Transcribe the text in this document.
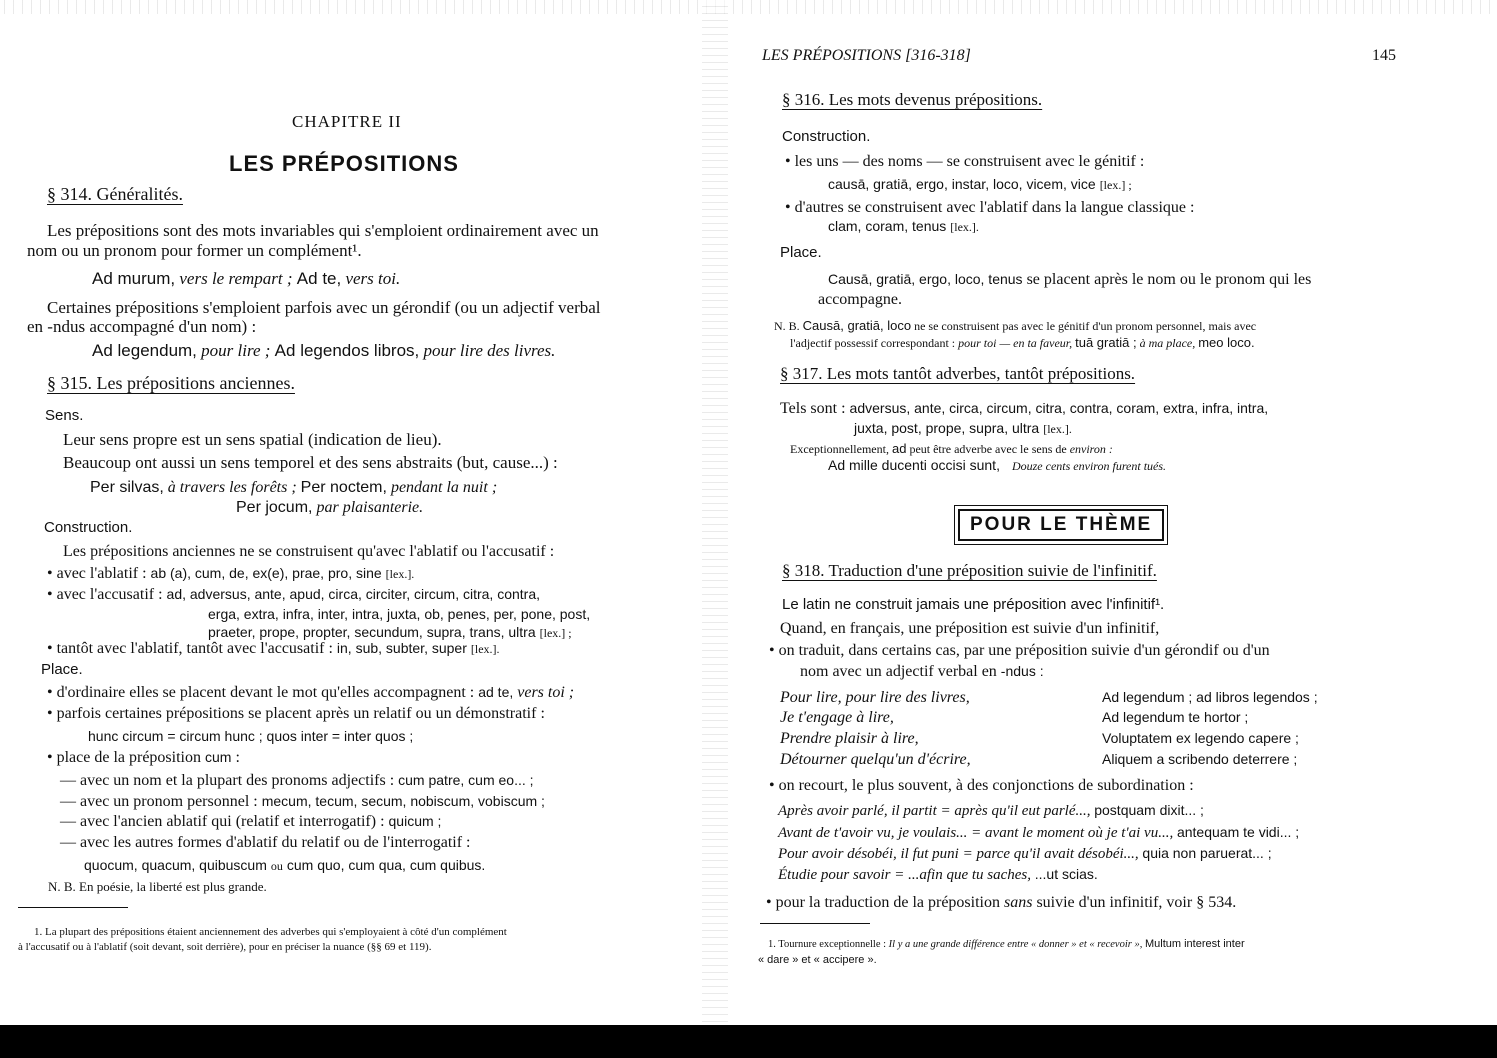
CHAPITRE II
LES PRÉPOSITIONS
§ 314. Généralités.
Les prépositions sont des mots invariables qui s'emploient ordinairement avec un
nom ou un pronom pour former un complément¹.
Ad murum, vers le rempart ; Ad te, vers toi.
Certaines prépositions s'emploient parfois avec un gérondif (ou un adjectif verbal
en -ndus accompagné d'un nom) :
Ad legendum, pour lire ; Ad legendos libros, pour lire des livres.
§ 315. Les prépositions anciennes.
Sens.
Leur sens propre est un sens spatial (indication de lieu).
Beaucoup ont aussi un sens temporel et des sens abstraits (but, cause...) :
Per silvas, à travers les forêts ; Per noctem, pendant la nuit ;
Per jocum, par plaisanterie.
Construction.
Les prépositions anciennes ne se construisent qu'avec l'ablatif ou l'accusatif :
• avec l'ablatif : ab (a), cum, de, ex(e), prae, pro, sine [lex.].
• avec l'accusatif : ad, adversus, ante, apud, circa, circiter, circum, citra, contra,
erga, extra, infra, inter, intra, juxta, ob, penes, per, pone, post,
praeter, prope, propter, secundum, supra, trans, ultra [lex.] ;
• tantôt avec l'ablatif, tantôt avec l'accusatif : in, sub, subter, super [lex.].
Place.
• d'ordinaire elles se placent devant le mot qu'elles accompagnent : ad te, vers toi ;
• parfois certaines prépositions se placent après un relatif ou un démonstratif :
hunc circum = circum hunc ; quos inter = inter quos ;
• place de la préposition cum :
— avec un nom et la plupart des pronoms adjectifs : cum patre, cum eo... ;
— avec un pronom personnel : mecum, tecum, secum, nobiscum, vobiscum ;
— avec l'ancien ablatif qui (relatif et interrogatif) : quicum ;
— avec les autres formes d'ablatif du relatif ou de l'interrogatif :
quocum, quacum, quibuscum ou cum quo, cum qua, cum quibus.
N. B. En poésie, la liberté est plus grande.
1. La plupart des prépositions étaient anciennement des adverbes qui s'employaient à côté d'un complément
à l'accusatif ou à l'ablatif (soit devant, soit derrière), pour en préciser la nuance (§§ 69 et 119).
LES PRÉPOSITIONS [316-318]	145
§ 316. Les mots devenus prépositions.
Construction.
• les uns — des noms — se construisent avec le génitif :
causā, gratiā, ergo, instar, loco, vicem, vice [lex.] ;
• d'autres se construisent avec l'ablatif dans la langue classique :
clam, coram, tenus [lex.].
Place.
Causā, gratiā, ergo, loco, tenus se placent après le nom ou le pronom qui les
accompagne.
N. B. Causā, gratiā, loco ne se construisent pas avec le génitif d'un pronom personnel, mais avec
l'adjectif possessif correspondant : pour toi — en ta faveur, tuā gratiā ; à ma place, meo loco.
§ 317. Les mots tantôt adverbes, tantôt prépositions.
Tels sont : adversus, ante, circa, circum, citra, contra, coram, extra, infra, intra,
juxta, post, prope, supra, ultra [lex.].
Exceptionnellement, ad peut être adverbe avec le sens de environ :
Ad mille ducenti occisi sunt, Douze cents environ furent tués.
POUR LE THÈME
§ 318. Traduction d'une préposition suivie de l'infinitif.
Le latin ne construit jamais une préposition avec l'infinitif¹.
Quand, en français, une préposition est suivie d'un infinitif,
• on traduit, dans certains cas, par une préposition suivie d'un gérondif ou d'un
nom avec un adjectif verbal en -ndus :
Pour lire, pour lire des livres,	Ad legendum ; ad libros legendos ;
Je t'engage à lire,	Ad legendum te hortor ;
Prendre plaisir à lire,	Voluptatem ex legendo capere ;
Détourner quelqu'un d'écrire,	Aliquem a scribendo deterrere ;
• on recourt, le plus souvent, à des conjonctions de subordination :
Après avoir parlé, il partit = après qu'il eut parlé..., postquam dixit... ;
Avant de t'avoir vu, je voulais... = avant le moment où je t'ai vu..., antequam te vidi... ;
Pour avoir désobéi, il fut puni = parce qu'il avait désobéi..., quia non paruerat... ;
Étudie pour savoir = ...afin que tu saches, ...ut scias.
• pour la traduction de la préposition sans suivie d'un infinitif, voir § 534.
1. Tournure exceptionnelle : Il y a une grande différence entre « donner » et « recevoir », Multum interest inter
« dare » et « accipere ».
